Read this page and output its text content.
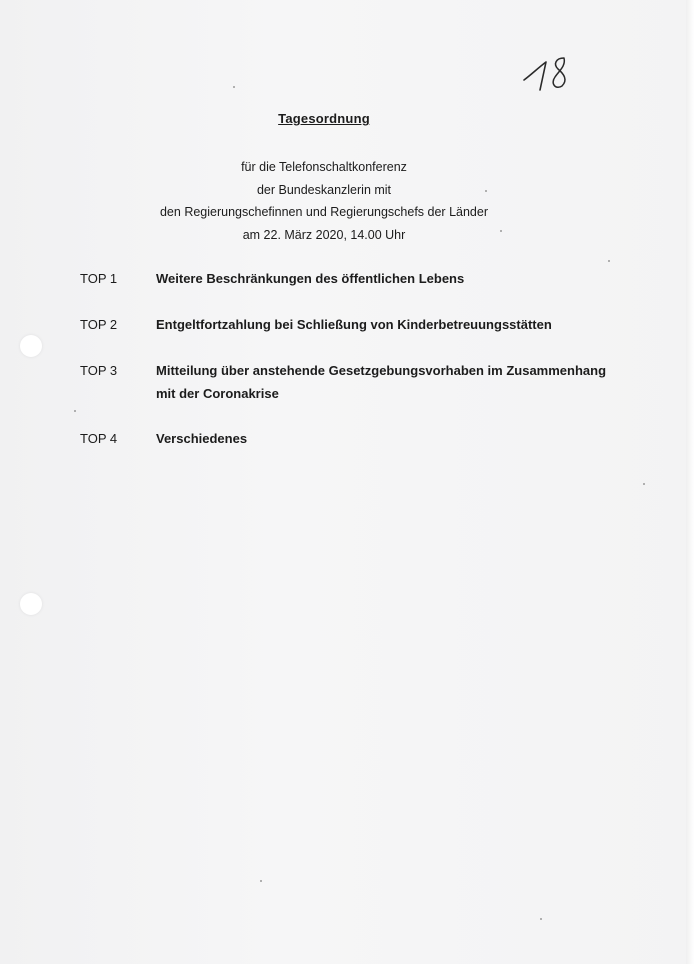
Tagesordnung
für die Telefonschaltkonferenz
der Bundeskanzlerin mit
den Regierungschefinnen und Regierungschefs der Länder
am 22. März 2020, 14.00 Uhr
TOP 1	Weitere Beschränkungen des öffentlichen Lebens
TOP 2	Entgeltfortzahlung bei Schließung von Kinderbetreuungsstätten
TOP 3	Mitteilung über anstehende Gesetzgebungsvorhaben im Zusammenhang mit der Coronakrise
TOP 4	Verschiedenes
